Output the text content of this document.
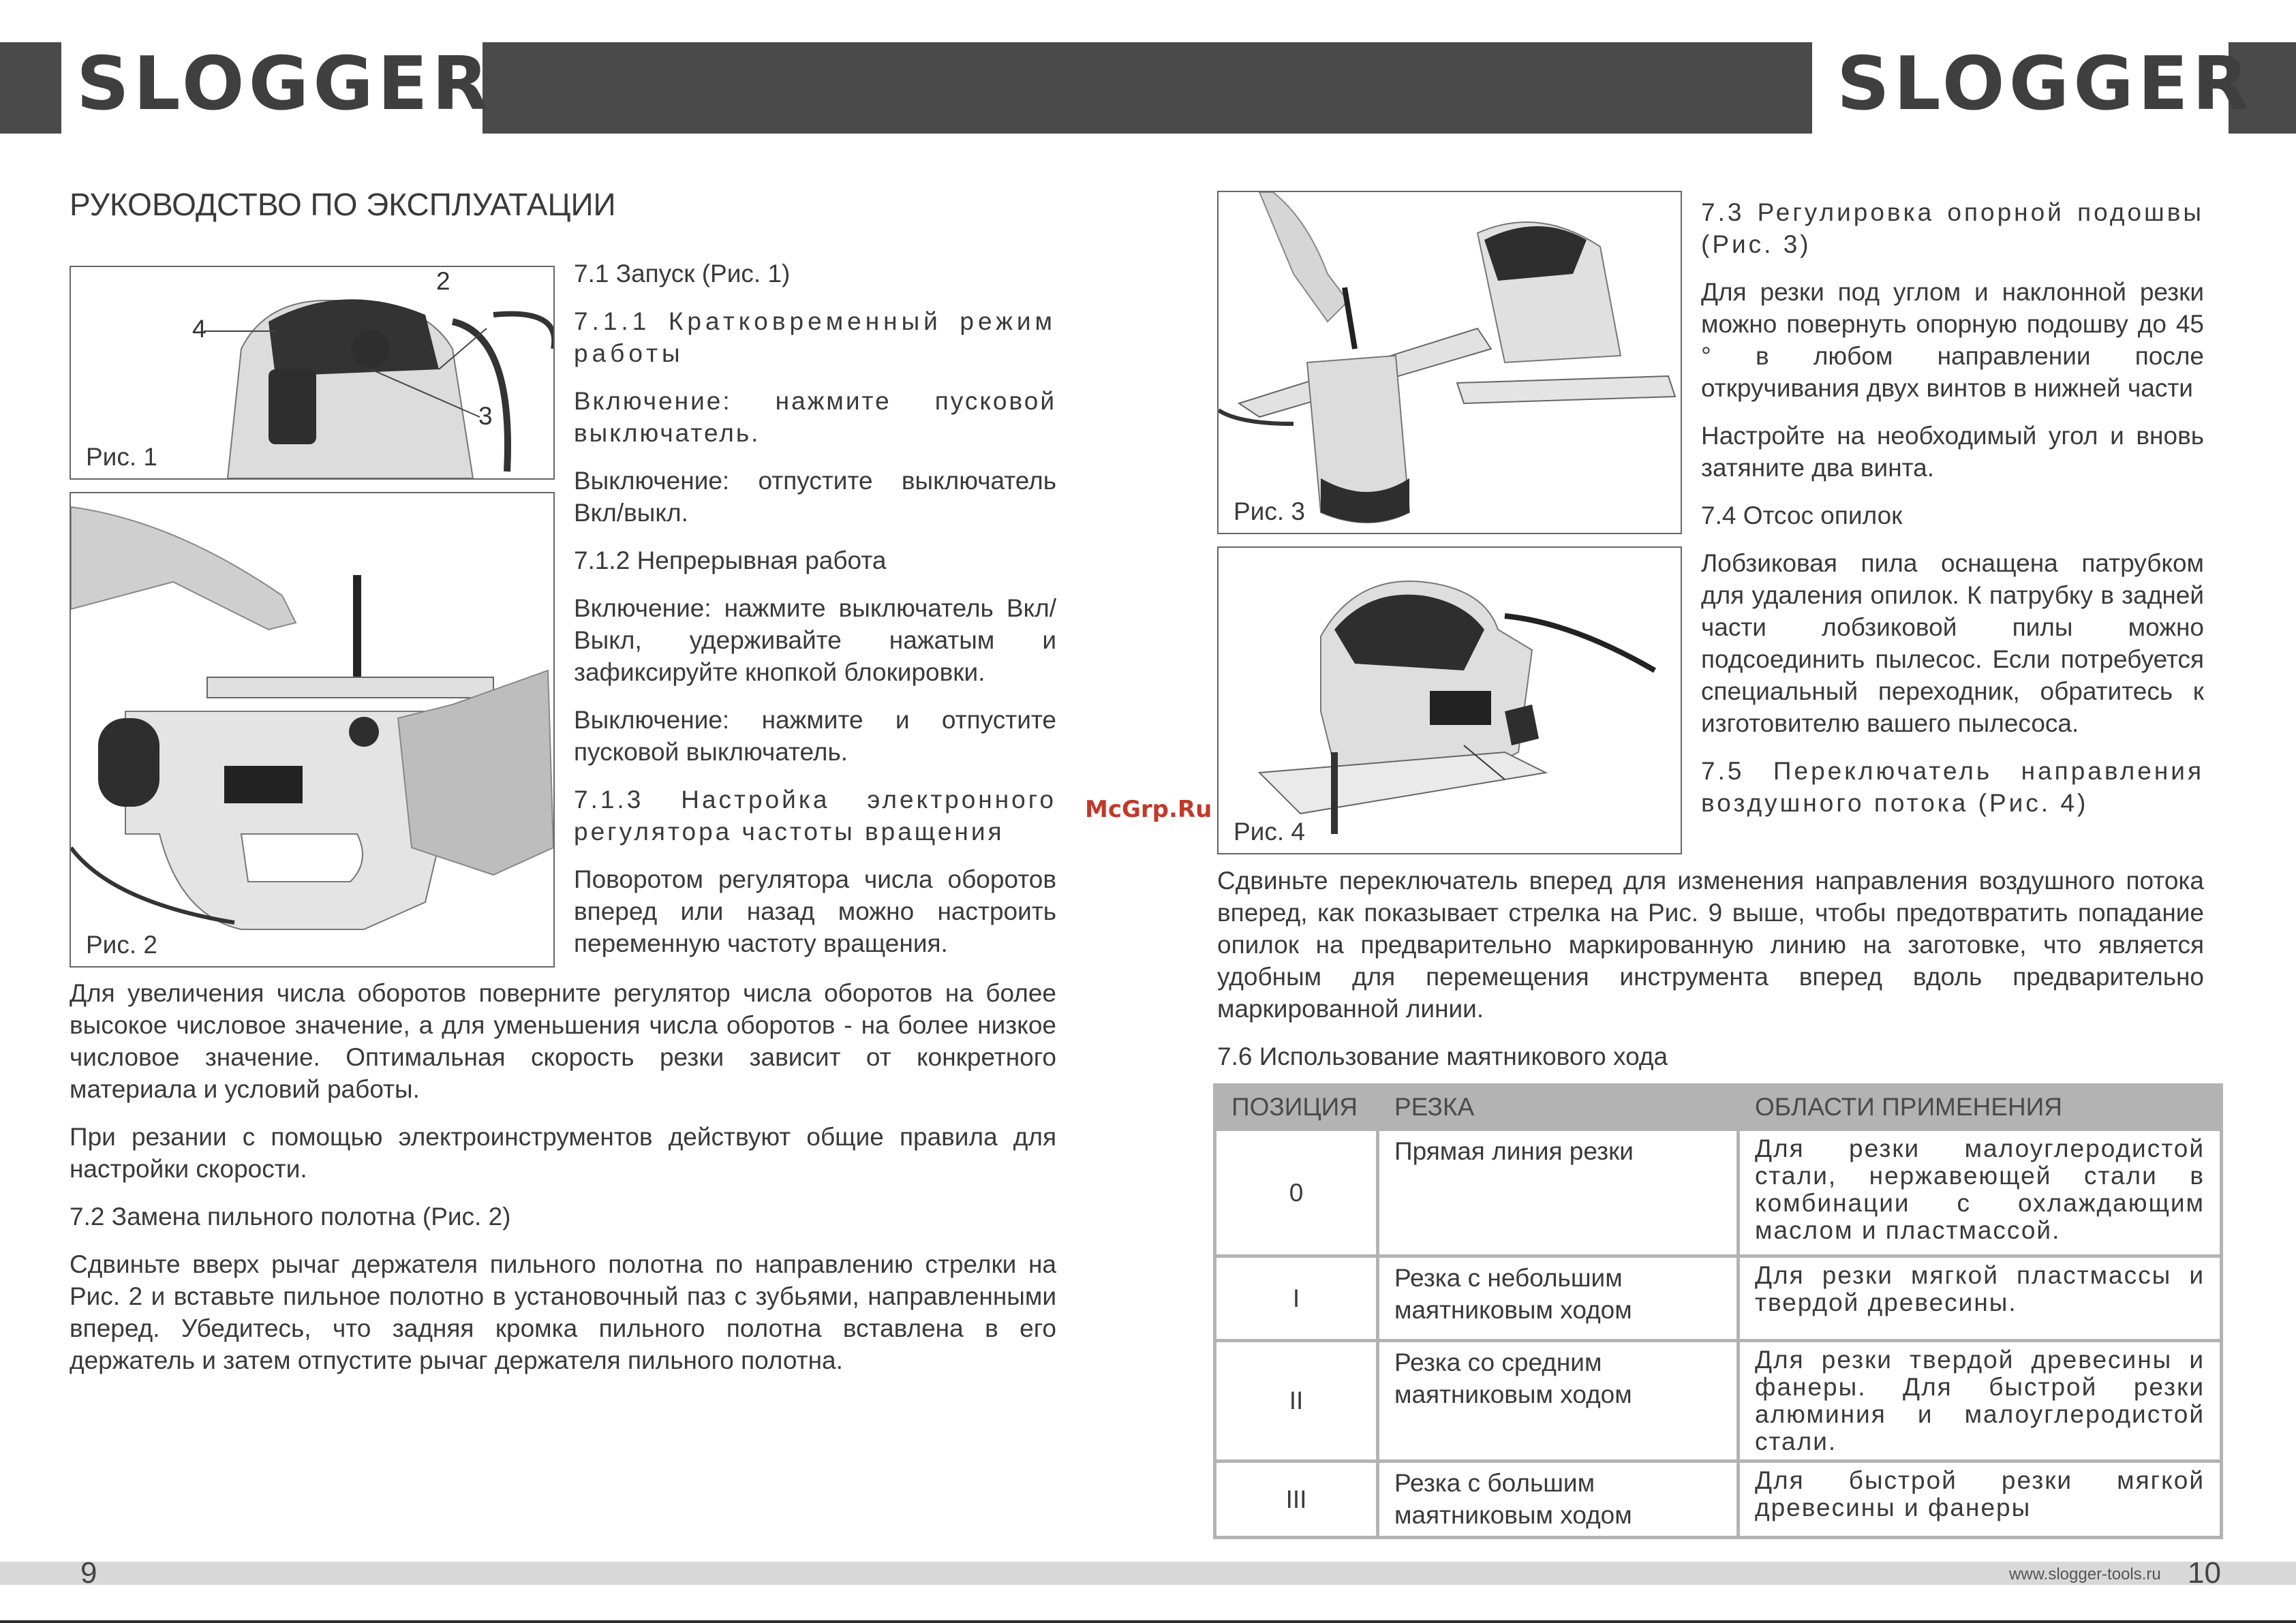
SLOGGER	SLOGGER
РУКОВОДСТВО ПО ЭКСПЛУАТАЦИИ
2
4
3
Рис. 1
Рис. 2

7.1 Запуск (Рис. 1)

7.1.1 Кратковременный режим работы

Включение: нажмите пусковой выключатель.

Выключение: отпустите выключатель Вкл/выкл.

7.1.2 Непрерывная работа

Включение: нажмите выключатель Вкл/Выкл, удерживайте нажатым и зафиксируйте кнопкой блокировки.

Выключение: нажмите и отпустите пусковой выключатель.

7.1.3 Настройка электронного регулятора частоты вращения

Поворотом регулятора числа оборотов вперед или назад можно настроить переменную частоту вращения.

Для увеличения числа оборотов поверните регулятор числа оборотов на более высокое числовое значение, а для уменьшения числа оборотов - на более низкое числовое значение. Оптимальная скорость резки зависит от конкретного материала и условий работы.

При резании с помощью электроинструментов действуют общие правила для настройки скорости.

7.2 Замена пильного полотна (Рис. 2)

Сдвиньте вверх рычаг держателя пильного полотна по направлению стрелки на Рис. 2 и вставьте пильное полотно в установочный паз с зубьями, направленными вперед. Убедитесь, что задняя кромка пильного полотна вставлена в его держатель и затем отпустите рычаг держателя пильного полотна.

McGrp.Ru
Рис. 3
Рис. 4

7.3 Регулировка опорной подошвы (Рис. 3)

Для резки под углом и наклонной резки можно повернуть опорную подошву до 45 ° в любом направлении после откручивания двух винтов в нижней части

Настройте на необходимый угол и вновь затяните два винта.

7.4 Отсос опилок

Лобзиковая пила оснащена патрубком для удаления опилок. К патрубку в задней части лобзиковой пилы можно подсоединить пылесос. Если потребуется специальный переходник, обратитесь к изготовителю вашего пылесоса.

7.5 Переключатель направления воздушного потока (Рис. 4)

Сдвиньте переключатель вперед для изменения направления воздушного потока вперед, как показывает стрелка на Рис. 9 выше, чтобы предотвратить попадание опилок на предварительно маркированную линию на заготовке, что является удобным для перемещения инструмента вперед вдоль предварительно маркированной линии.

7.6 Использование маятникового хода

ПОЗИЦИЯ	РЕЗКА	ОБЛАСТИ ПРИМЕНЕНИЯ
0	Прямая линия резки	Для резки малоуглеродистой стали, нержавеющей стали в комбинации с охлаждающим маслом и пластмассой.
I	Резка с небольшим маятниковым ходом	Для резки мягкой пластмассы и твердой древесины.
II	Резка со средним маятниковым ходом	Для резки твердой древесины и фанеры. Для быстрой резки алюминия и малоуглеродистой стали.
III	Резка с большим маятниковым ходом	Для быстрой резки мягкой древесины и фанеры
9	www.slogger-tools.ru 10
